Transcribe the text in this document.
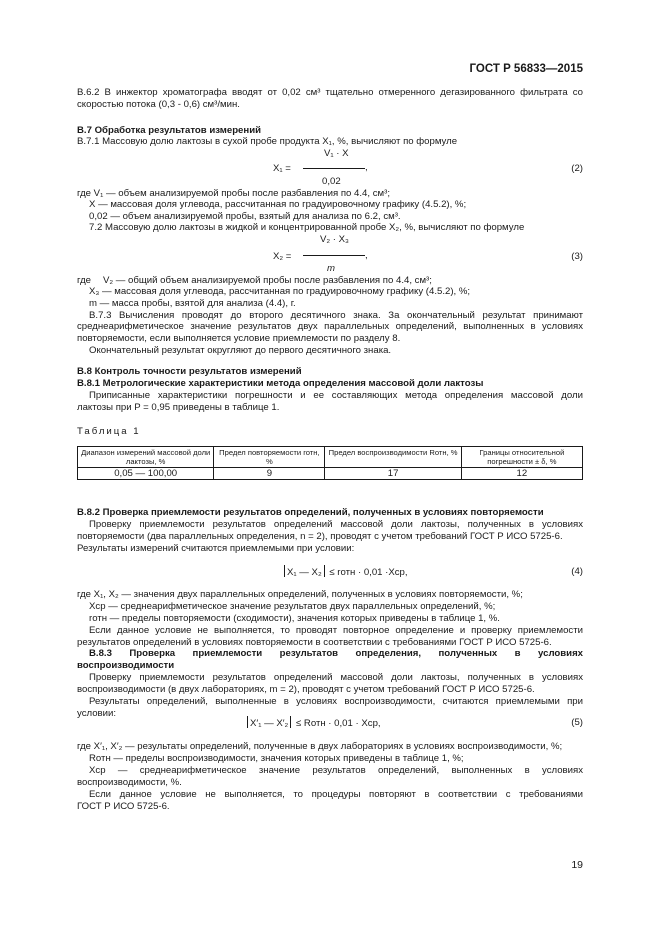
ГОСТ Р 56833—2015
19
В.6.2 В инжектор хроматографа вводят от 0,02 см³ тщательно отмеренного дегазированного фильтрата со
скоростью потока (0,3 - 0,6) см³/мин.
В.7 Обработка результатов измерений
В.7.1 Массовую долю лактозы в сухой пробе продукта X₁, %, вычисляют по формуле
V₁ · X
X₁ =	,
0,02
(2)
где V₁ — объем анализируемой пробы после разбавления по 4.4, см³;
X — массовая доля углевода, рассчитанная по градуировочному графику (4.5.2), %;
0,02 — объем анализируемой пробы, взятый для анализа по 6.2, см³.
7.2 Массовую долю лактозы в жидкой и концентрированной пробе X₂, %, вычисляют по формуле
V₂ · X₃
X₂ =	,
m
(3)
где V₂ — общий объем анализируемой пробы после разбавления по 4.4, см³;
X₃ — массовая доля углевода, рассчитанная по градуировочному графику (4.5.2), %;
m — масса пробы, взятой для анализа (4.4), г.
В.7.3 Вычисления проводят до второго десятичного знака. За окончательный результат принимают
среднеарифметическое значение результатов двух параллельных определений, выполненных в условиях
повторяемости, если выполняется условие приемлемости по разделу 8.
Окончательный результат округляют до первого десятичного знака.
В.8 Контроль точности результатов измерений
В.8.1 Метрологические характеристики метода определения массовой доли лактозы
Приписанные характеристики погрешности и ее составляющих метода определения массовой доли
лактозы при P = 0,95 приведены в таблице 1.
Таблица 1
Диапазон измерений массовой доли лактозы, %	Предел повторяемости rотн, %	Предел воспроизводимости Rотн, %	Границы относительной погрешности ± δ, %
0,05 — 100,00	9	17	12
В.8.2 Проверка приемлемости результатов определений, полученных в условиях повторяемости
Проверку приемлемости результатов определений массовой доли лактозы, полученных в условиях
повторяемости (два параллельных определения, n = 2), проводят с учетом требований ГОСТ Р ИСО 5725-6.
Результаты измерений считаются приемлемыми при условии:
X₁ — X₂ ≤ rотн · 0,01 ·Xср,	(4)
где X₁, X₂ — значения двух параллельных определений, полученных в условиях повторяемости, %;
Xср — среднеарифметическое значение результатов двух параллельных определений, %;
rотн — пределы повторяемости (сходимости), значения которых приведены в таблице 1, %.
Если данное условие не выполняется, то проводят повторное определение и проверку приемлемости
результатов определений в условиях повторяемости в соответствии с требованиями ГОСТ Р ИСО 5725-6.
В.8.3 Проверка приемлемости результатов определения, полученных в условиях
воспроизводимости
Проверку приемлемости результатов определений массовой доли лактозы, полученных в условиях
воспроизводимости (в двух лабораториях, m = 2), проводят с учетом требований ГОСТ Р ИСО 5725-6.
Результаты определений, выполненные в условиях воспроизводимости, считаются приемлемыми при
условии:
X′₁ — X′₂ ≤ Rотн · 0,01 · Xср,	(5)
где X′₁, X′₂ — результаты определений, полученные в двух лабораториях в условиях воспроизводимости, %;
Rотн — пределы воспроизводимости, значения которых приведены в таблице 1, %;
Xср — среднеарифметическое значение результатов определений, выполненных в условиях
воспроизводимости, %.
Если данное условие не выполняется, то процедуры повторяют в соответствии с требованиями
ГОСТ Р ИСО 5725-6.
